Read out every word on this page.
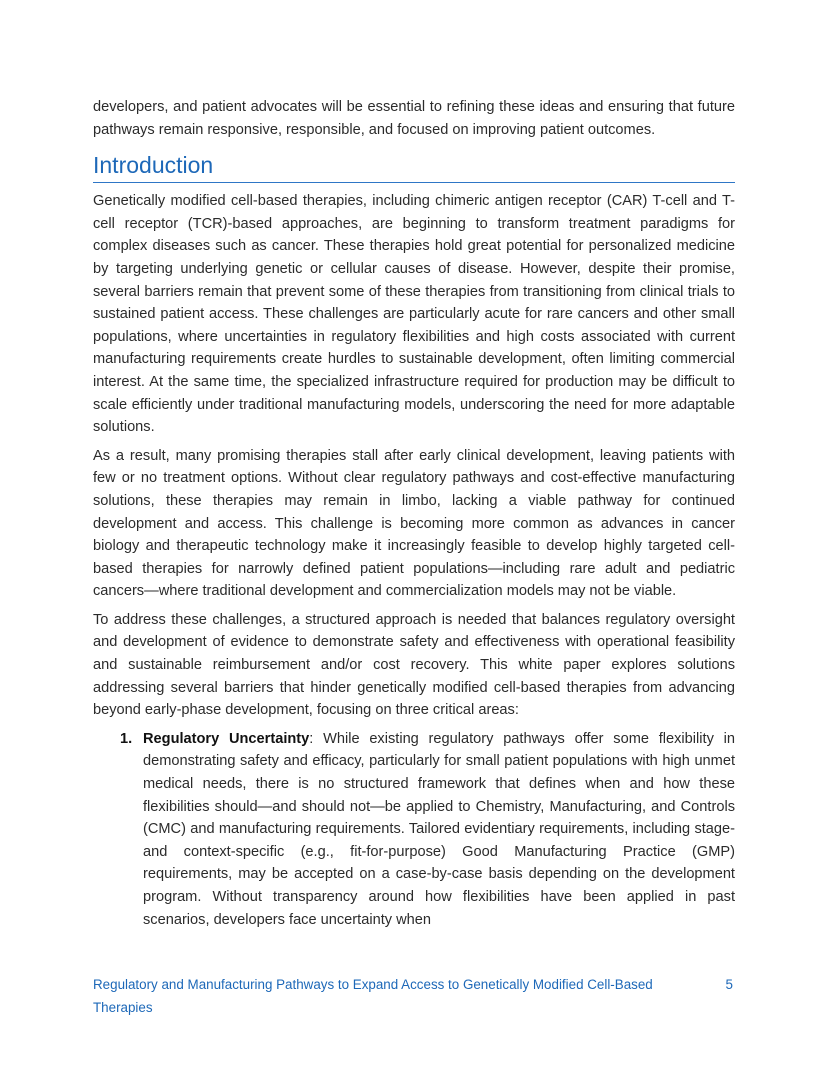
developers, and patient advocates will be essential to refining these ideas and ensuring that future pathways remain responsive, responsible, and focused on improving patient outcomes.

Introduction

Genetically modified cell-based therapies, including chimeric antigen receptor (CAR) T-cell and T-cell receptor (TCR)-based approaches, are beginning to transform treatment paradigms for complex diseases such as cancer. These therapies hold great potential for personalized medicine by targeting underlying genetic or cellular causes of disease. However, despite their promise, several barriers remain that prevent some of these therapies from transitioning from clinical trials to sustained patient access. These challenges are particularly acute for rare cancers and other small populations, where uncertainties in regulatory flexibilities and high costs associated with current manufacturing requirements create hurdles to sustainable development, often limiting commercial interest. At the same time, the specialized infrastructure required for production may be difficult to scale efficiently under traditional manufacturing models, underscoring the need for more adaptable solutions.

As a result, many promising therapies stall after early clinical development, leaving patients with few or no treatment options. Without clear regulatory pathways and cost-effective manufacturing solutions, these therapies may remain in limbo, lacking a viable pathway for continued development and access. This challenge is becoming more common as advances in cancer biology and therapeutic technology make it increasingly feasible to develop highly targeted cell-based therapies for narrowly defined patient populations—including rare adult and pediatric cancers—where traditional development and commercialization models may not be viable.

To address these challenges, a structured approach is needed that balances regulatory oversight and development of evidence to demonstrate safety and effectiveness with operational feasibility and sustainable reimbursement and/or cost recovery. This white paper explores solutions addressing several barriers that hinder genetically modified cell-based therapies from advancing beyond early-phase development, focusing on three critical areas:

1. Regulatory Uncertainty: While existing regulatory pathways offer some flexibility in demonstrating safety and efficacy, particularly for small patient populations with high unmet medical needs, there is no structured framework that defines when and how these flexibilities should—and should not—be applied to Chemistry, Manufacturing, and Controls (CMC) and manufacturing requirements. Tailored evidentiary requirements, including stage- and context-specific (e.g., fit-for-purpose) Good Manufacturing Practice (GMP) requirements, may be accepted on a case-by-case basis depending on the development program. Without transparency around how flexibilities have been applied in past scenarios, developers face uncertainty when

Regulatory and Manufacturing Pathways to Expand Access to Genetically Modified Cell-Based Therapies
5
